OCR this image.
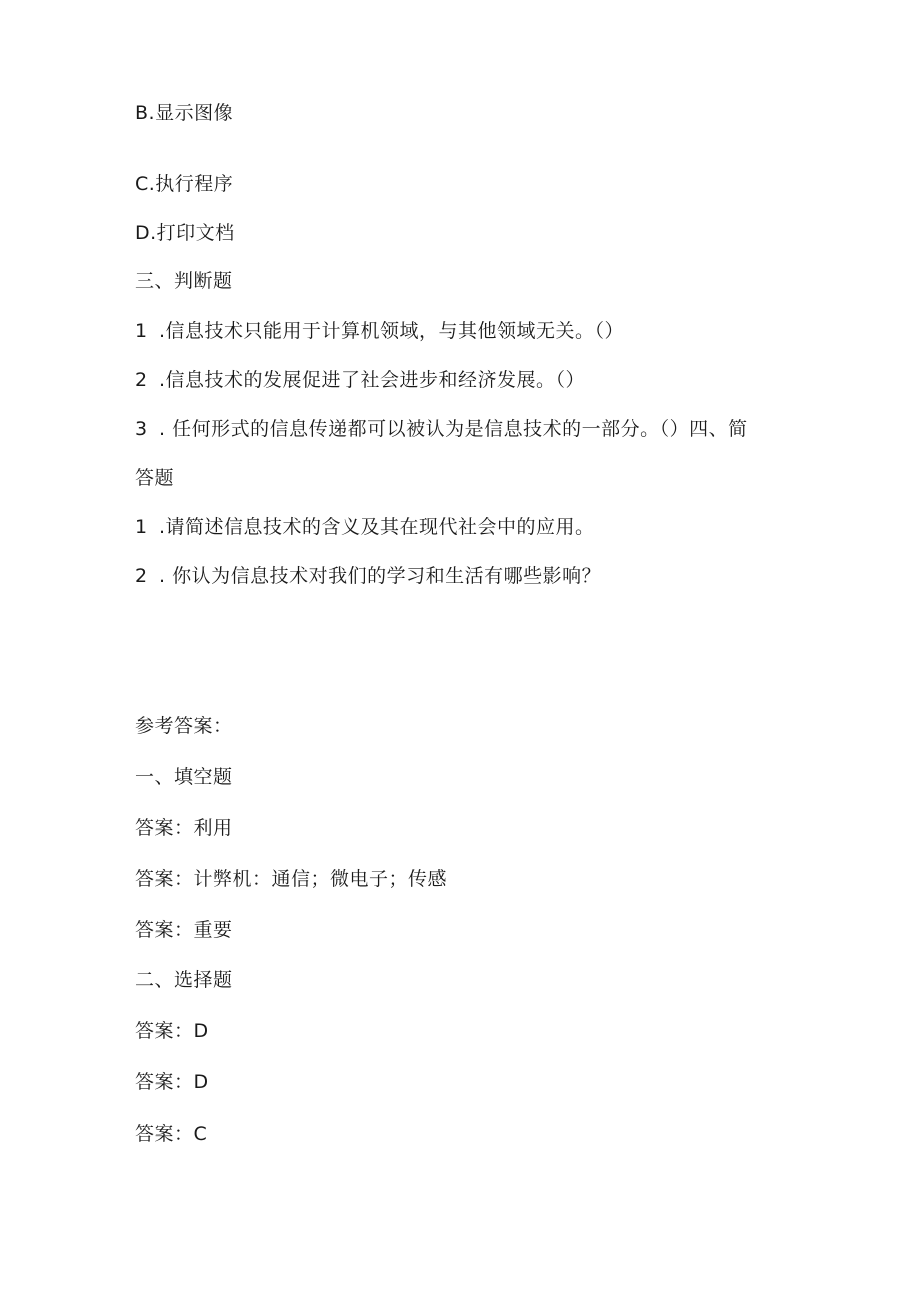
B.显示图像
C.执行程序
D.打印文档
三、判断题
1 .信息技术只能用于计算机领域，与其他领域无关。（）
2 .信息技术的发展促进了社会进步和经济发展。（）
3 . 任何形式的信息传递都可以被认为是信息技术的一部分。（）四、简
答题
1 .请简述信息技术的含义及其在现代社会中的应用。
2 . 你认为信息技术对我们的学习和生活有哪些影响？
参考答案：
一、填空题
答案：利用
答案：计弊机：通信；微电子；传感
答案：重要
二、选择题
答案：D
答案：D
答案：C
